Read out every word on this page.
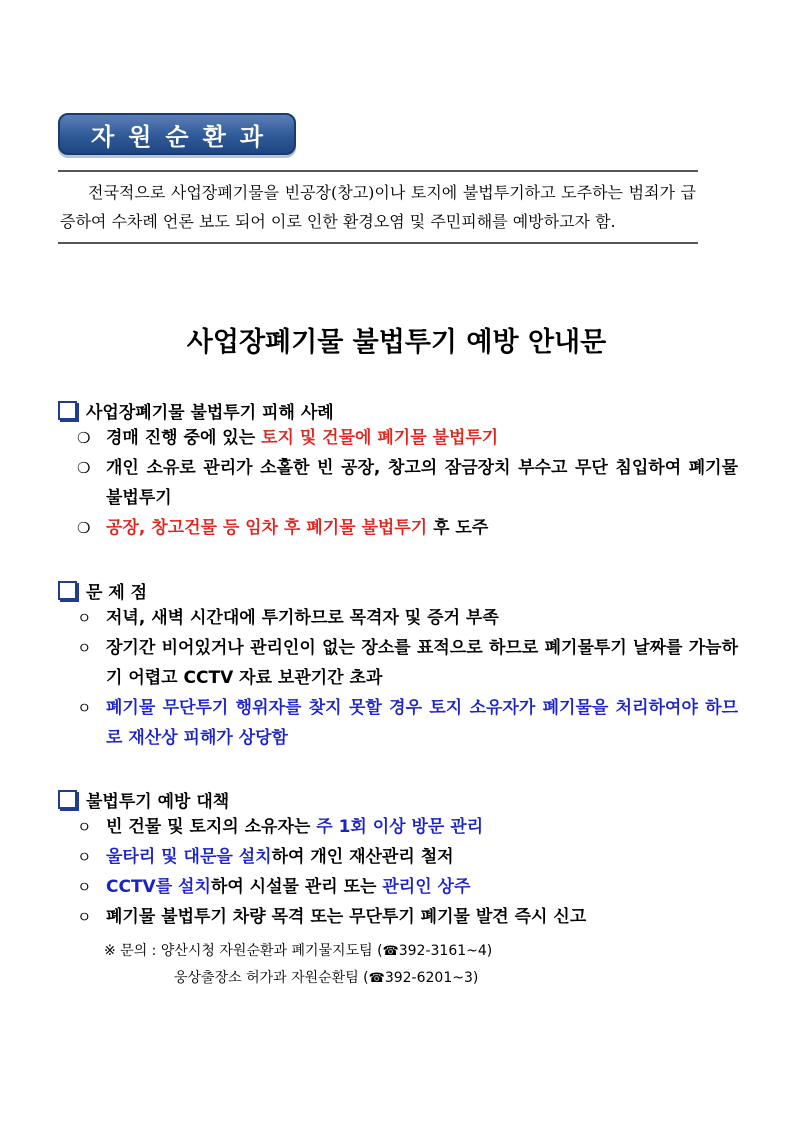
자원순환과

전국적으로 사업장폐기물을 빈공장(창고)이나 토지에 불법투기하고 도주하는 범죄가 급증하여 수차례 언론 보도 되어 이로 인한 환경오염 및 주민피해를 예방하고자 함.

사업장폐기물 불법투기 예방 안내문
사업장폐기물 불법투기 피해 사례
❍ 경매 진행 중에 있는 토지 및 건물에 폐기물 불법투기
❍ 개인 소유로 관리가 소홀한 빈 공장, 창고의 잠금장치 부수고 무단 침입하여 폐기물 불법투기
❍ 공장, 창고건물 등 임차 후 폐기물 불법투기 후 도주
문 제 점
ㅇ 저녁, 새벽 시간대에 투기하므로 목격자 및 증거 부족
ㅇ 장기간 비어있거나 관리인이 없는 장소를 표적으로 하므로 폐기물투기 날짜를 가늠하기 어렵고 CCTV 자료 보관기간 초과
ㅇ 폐기물 무단투기 행위자를 찾지 못할 경우 토지 소유자가 폐기물을 처리하여야 하므로 재산상 피해가 상당함
불법투기 예방 대책
ㅇ 빈 건물 및 토지의 소유자는 주 1회 이상 방문 관리
ㅇ 울타리 및 대문을 설치하여 개인 재산관리 철저
ㅇ CCTV를 설치하여 시설물 관리 또는 관리인 상주
ㅇ 폐기물 불법투기 차량 목격 또는 무단투기 폐기물 발견 즉시 신고
※ 문의 : 양산시청 자원순환과 폐기물지도팀 (☎392-3161~4)
웅상출장소 허가과 자원순환팀 (☎392-6201~3)
